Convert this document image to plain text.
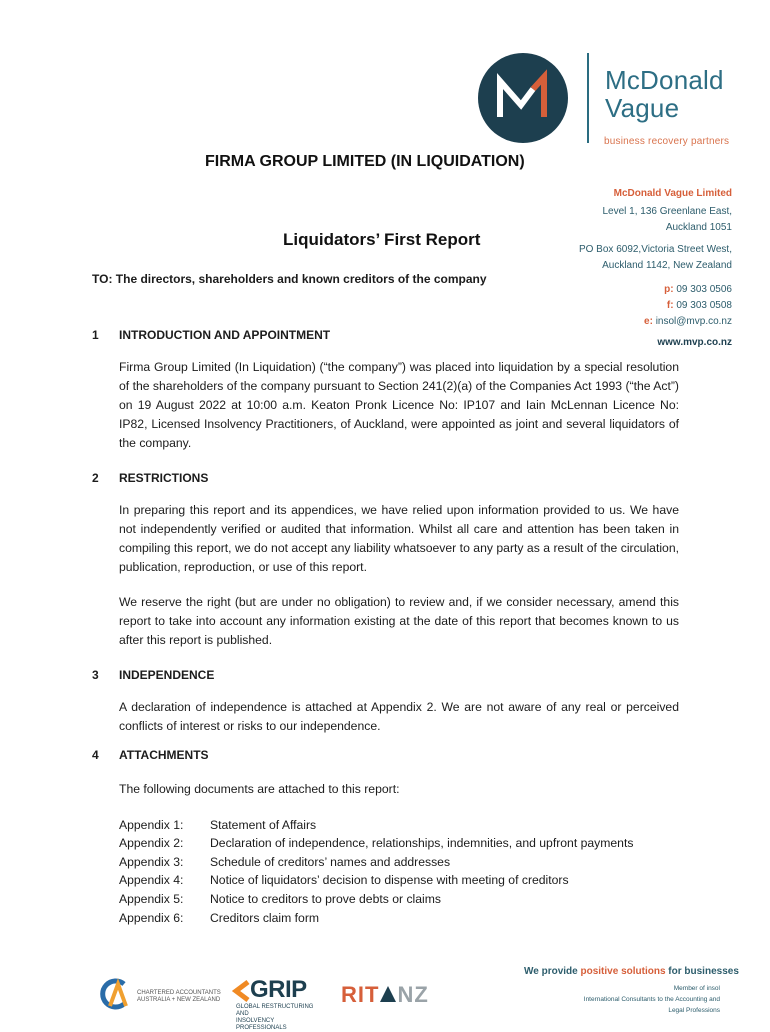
McDonald
Vague
business recovery partners
FIRMA GROUP LIMITED (IN LIQUIDATION)
McDonald Vague Limited
Level 1, 136 Greenlane East,
Auckland 1051
PO Box 6092,Victoria Street West,
Auckland 1142, New Zealand
p: 09 303 0506
f: 09 303 0508
e: insol@mvp.co.nz
www.mvp.co.nz
Liquidators’ First Report
TO: The directors, shareholders and known creditors of the company
1 INTRODUCTION AND APPOINTMENT
Firma Group Limited (In Liquidation) (“the company”) was placed into liquidation by a special resolution of the shareholders of the company pursuant to Section 241(2)(a) of the Companies Act 1993 (“the Act”) on 19 August 2022 at 10:00 a.m. Keaton Pronk Licence No: IP107 and Iain McLennan Licence No: IP82, Licensed Insolvency Practitioners, of Auckland, were appointed as joint and several liquidators of the company.
2 RESTRICTIONS
In preparing this report and its appendices, we have relied upon information provided to us. We have not independently verified or audited that information. Whilst all care and attention has been taken in compiling this report, we do not accept any liability whatsoever to any party as a result of the circulation, publication, reproduction, or use of this report.
We reserve the right (but are under no obligation) to review and, if we consider necessary, amend this report to take into account any information existing at the date of this report that becomes known to us after this report is published.
3 INDEPENDENCE
A declaration of independence is attached at Appendix 2. We are not aware of any real or perceived conflicts of interest or risks to our independence.
4 ATTACHMENTS
The following documents are attached to this report:
Appendix 1: Statement of Affairs
Appendix 2: Declaration of independence, relationships, indemnities, and upfront payments
Appendix 3: Schedule of creditors’ names and addresses
Appendix 4: Notice of liquidators’ decision to dispense with meeting of creditors
Appendix 5: Notice to creditors to prove debts or claims
Appendix 6: Creditors claim form
CHARTERED ACCOUNTANTS
AUSTRALIA + NEW ZEALAND GRIP
GLOBAL RESTRUCTURING AND
INSOLVENCY PROFESSIONALS
RIT NZ
We provide positive solutions for businesses
Member of insol
International Consultants to the Accounting and
Legal Professions
